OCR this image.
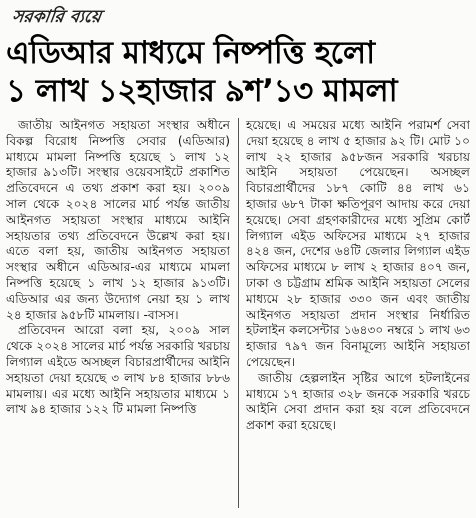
সরকারি ব্যয়ে
এডিআর মাধ্যমে নিষ্পত্তি হলো
১ লাখ ১২হাজার ৯শ’১৩ মামলা

জাতীয় আইনগত সহায়তা সংস্থার অধীনে বিকল্প বিরোধ নিষ্পত্তি সেবার (এডিআর) মাধ্যমে মামলা নিষ্পত্তি হয়েছে ১ লাখ ১২ হাজার ৯১৩টি। সংস্থার ওয়েবসাইটে প্রকাশিত প্রতিবেদনে এ তথ্য প্রকাশ করা হয়। ২০০৯ সাল থেকে ২০২৪ সালের মার্চ পর্যন্ত জাতীয় আইনগত সহায়তা সংস্থার মাধ্যমে আইনি সহায়তার তথ্য প্রতিবেদনে উল্লেখ করা হয়। এতে বলা হয়, জাতীয় আইনগত সহায়তা সংস্থার অধীনে এডিআর-এর মাধ্যমে মামলা নিষ্পত্তি হয়েছে ১ লাখ ১২ হাজার ৯১৩টি। এডিআর এর জন্য উদ্যোগ নেয়া হয় ১ লাখ ২৪ হাজার ৯৫৮টি মামলায়। -বাসস।

প্রতিবেদন আরো বলা হয়, ২০০৯ সাল থেকে ২০২৪ সালের মার্চ পর্যন্ত সরকারি খরচায় লিগ্যাল এইডে অসচ্ছল বিচারপ্রার্থীদের আইনি সহায়তা দেয়া হয়েছে ৩ লাখ ৮৪ হাজার ৮৮৬ মামলায়। এর মধ্যে আইনি সহায়তার মাধ্যমে ১ লাখ ৯৪ হাজার ১২২ টি মামলা নিষ্পত্তি

হয়েছে। এ সময়ের মধ্যে আইনি পরামর্শ সেবা দেয়া হয়েছে ৪ লাখ ৫ হাজার ৯২ টি। মোট ১০ লাখ ২২ হাজার ৯৫৮জন সরকারি খরচায় আইনি সহায়তা পেয়েছেন। অসচ্ছল বিচারপ্রার্থীদের ১৮৭ কোটি ৪৪ লাখ ৬১ হাজার ৬৮৭ টাকা ক্ষতিপূরণ আদায় করে দেয়া হয়েছে। সেবা গ্রহণকারীদের মধ্যে সুপ্রিম কোর্ট লিগ্যাল এইড অফিসের মাধ্যমে ২৭ হাজার ৪২৪ জন, দেশের ৬৪টি জেলার লিগ্যাল এইড অফিসের মাধ্যমে ৮ লাখ ২ হাজার ৪০৭ জন, ঢাকা ও চট্টগ্রাম শ্রমিক আইনি সহায়তা সেলের মাধ্যমে ২৮ হাজার ৩৩০ জন এবং জাতীয় আইনগত সহায়তা প্রদান সংস্থার নির্ধারিত হটলাইন কলসেন্টার ১৬৪৩০ নম্বরে ১ লাখ ৬৩ হাজার ৭৯৭ জন বিনামূল্যে আইনি সহায়তা পেয়েছেন।

জাতীয় হেল্পলাইন সৃষ্টির আগে হটলাইনের মাধ্যমে ১৭ হাজার ৩২৮ জনকে সরকারি খরচে আইনি সেবা প্রদান করা হয় বলে প্রতিবেদনে প্রকাশ করা হয়েছে।
